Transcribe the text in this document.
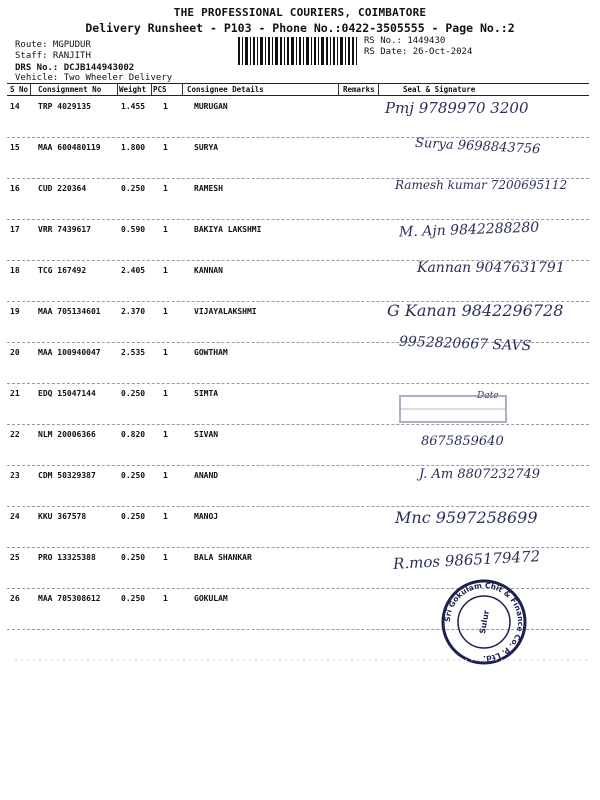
THE PROFESSIONAL COURIERS, COIMBATORE
Delivery Runsheet - P103 - Phone No.:0422-3505555 - Page No.:2
Route: MGPUDUR
Staff: RANJITH
DRS No.: DCJB144943002
Vehicle: Two Wheeler Delivery
RS No.: 1449430
RS Date: 26-Oct-2024
S No Consignment No Weight PCS	Consignee Details	Remarks	Seal & Signature
14 TRP 4029135	1.455 1	MURUGAN	Pmj 9789970 3200
15 MAA 600480119	1.800 1	SURYA	Surya 9698843756
16 CUD 220364	0.250 1	RAMESH	Ramesh kumar 7200695112
17 VRR 7439617	0.590 1	BAKIYA LAKSHMI	M. Ajn 9842288280
18 TCG 167492	2.405 1	KANNAN	Kannan 9047631791
19 MAA 705134601	2.370 1	VIJAYALAKSHMI	G Kanan 9842296728
20 MAA 100940047	2.535 1	GOWTHAM	9952820667 SAVS
21 EDQ 15047144	0.250 1	SIMTA	Date
22 NLM 20006366	0.820 1	SIVAN	8675859640
23 CDM 50329387	0.250 1	ANAND	J. Am 8807232749
24 KKU 367578	0.250 1	MANOJ	Mnc 9597258699
25 PRO 13325388	0.250 1	BALA SHANKAR	R.mos 9865179472
26 MAA 705308612	0.250 1	GOKULAM
Sri Gokulam Chit & Finance Co. P. Ltd.
Sulur
